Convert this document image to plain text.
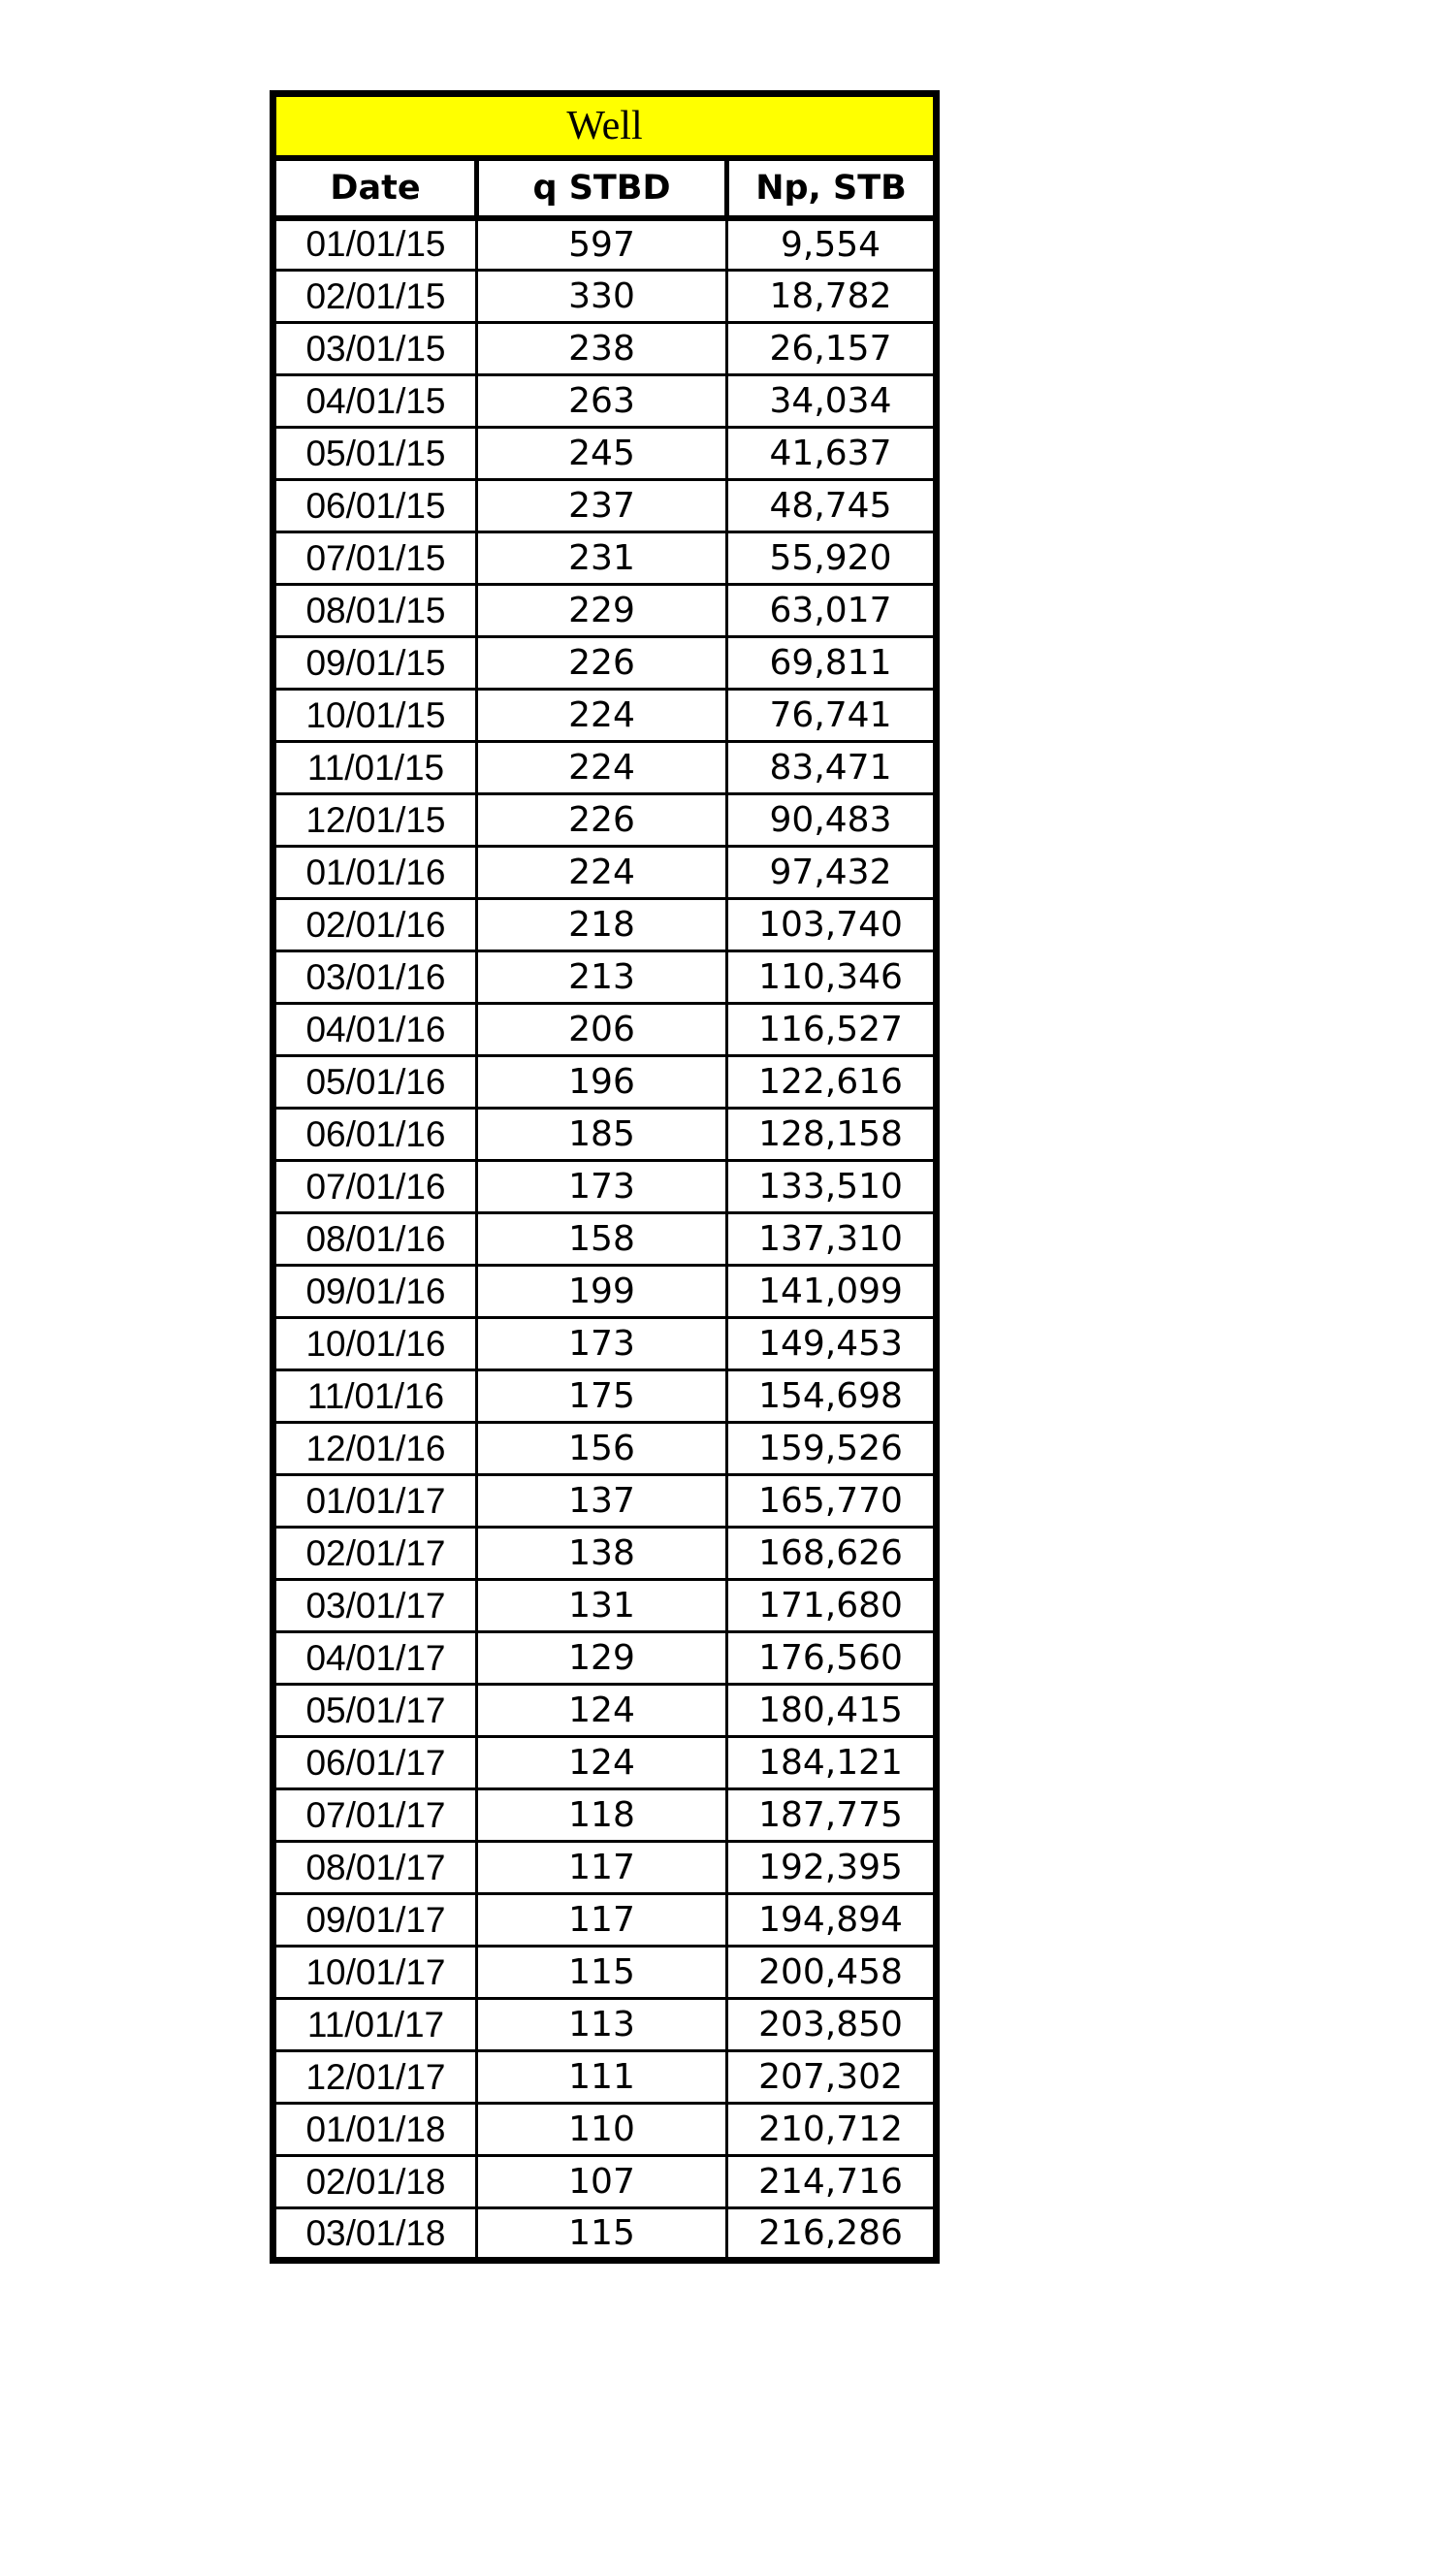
Well		
Date	q STBD	Np, STB
01/01/15	597	9,554
02/01/15	330	18,782
03/01/15	238	26,157
04/01/15	263	34,034
05/01/15	245	41,637
06/01/15	237	48,745
07/01/15	231	55,920
08/01/15	229	63,017
09/01/15	226	69,811
10/01/15	224	76,741
11/01/15	224	83,471
12/01/15	226	90,483
01/01/16	224	97,432
02/01/16	218	103,740
03/01/16	213	110,346
04/01/16	206	116,527
05/01/16	196	122,616
06/01/16	185	128,158
07/01/16	173	133,510
08/01/16	158	137,310
09/01/16	199	141,099
10/01/16	173	149,453
11/01/16	175	154,698
12/01/16	156	159,526
01/01/17	137	165,770
02/01/17	138	168,626
03/01/17	131	171,680
04/01/17	129	176,560
05/01/17	124	180,415
06/01/17	124	184,121
07/01/17	118	187,775
08/01/17	117	192,395
09/01/17	117	194,894
10/01/17	115	200,458
11/01/17	113	203,850
12/01/17	111	207,302
01/01/18	110	210,712
02/01/18	107	214,716
03/01/18	115	216,286
